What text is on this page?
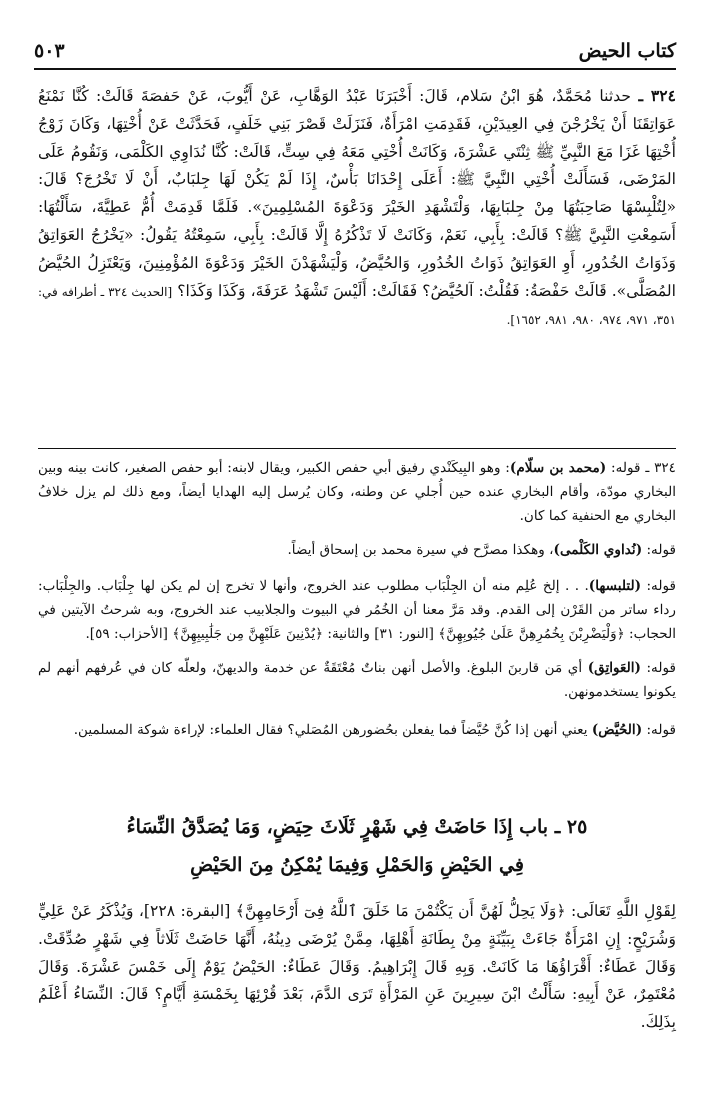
كتاب الحيض
٥٠٣
٣٢٤ ـ حدثنا مُحَمَّدٌ، هُوَ ابْنُ سَلام، قَالَ: أَخْبَرَنَا عَبْدُ الوَهَّابِ، عَنْ أَيُّوبَ، عَنْ حَفصَةَ قَالَتْ: كُنَّا نَمْنَعُ عَوَاتِقَنَا أَنْ يَخْرُجْنَ فِي العِيدَيْنِ، فَقَدِمَتِ امْرَأَةٌ، فَنَزَلَتْ قَصْرَ بَنِي خَلَفٍ، فَحَدَّثَتْ عَنْ أُخْتِهَا، وَكَانَ زَوْجُ أُخْتِهَا غَزَا مَعَ النَّبِيِّ ﷺ ثِنْتَي عَشْرَةَ، وَكَانَتْ أُخْتِي مَعَهُ فِي سِتٍّ، قَالَتْ: كُنَّا نُدَاوِي الكَلْمَى، وَنَقُومُ عَلَى المَرْضَى، فَسَأَلَتْ أُخْتِي النَّبِيَّ ﷺ: أَعَلَى إِحْدَانَا بَأْسٌ، إِذَا لَمْ يَكُنْ لَهَا جِلبَابٌ، أَنْ لَا تَخْرُجَ؟ قَالَ: «لِتُلْبِسْهَا صَاحِبَتُهَا مِنْ جِلبَابِهَا، وَلْتَشْهَدِ الخَيْرَ وَدَعْوَةَ المُسْلِمِينَ». فَلَمَّا قَدِمَتْ أُمُّ عَطِيَّةَ، سَأَلْتُهَا: أَسَمِعْتِ النَّبِيَّ ﷺ؟ قَالَتْ: بِأَبِي، نَعَمْ، وَكَانَتْ لَا تَذْكُرُهُ إِلَّا قَالَتْ: بِأَبِي، سَمِعْتُهُ يَقُولُ: «يَخْرُجُ العَوَاتِقُ وَذَوَاتُ الخُدُورِ، أَوِ العَوَاتِقُ ذَوَاتُ الخُدُورِ، وَالحُيَّضُ، وَلْيَشْهَدْنَ الخَيْرَ وَدَعْوَةَ المُؤْمِنِينَ، وَيَعْتَزِلُ الحُيَّضُ المُصَلَّى». قَالَتْ حَفْصَةُ: فَقُلْتُ: آلحُيَّضُ؟ فَقَالَتْ: أَلَيْسَ تَشْهَدُ عَرَفَةَ، وَكَذَا وَكَذَا؟ [الحديث ٣٢٤ ـ أطرافه في: ٣٥١، ٩٧١، ٩٧٤، ٩٨٠، ٩٨١، ١٦٥٢].
٣٢٤ ـ قوله: (محمد بن سلّام): وهو البِيكَنْدي رفيق أبي حفص الكبير، ويقال لابنه: أبو حفص الصغير، كانت بينه وبين البخاري مودّة، وأقام البخاري عنده حين أُجلي عن وطنه، وكان يُرسل إليه الهدايا أيضاً، ومع ذلك لم يزل خلافُ البخاري مع الحنفية كما كان.
قوله: (نُداوي الكَلْمى)، وهكذا مصرَّح في سيرة محمد بن إسحاق أيضاً.
قوله: (لتلبسها). . . إلخ عُلِم منه أن الجِلْبَاب مطلوب عند الخروج، وأنها لا تخرج إن لم يكن لها جِلْبَاب. والجِلْبَاب: رداء ساتر من القَرْن إلى القدم. وقد مَرَّ معنا أن الخُمُر في البيوت والجلابيب عند الخروج، وبه شرحتُ الآيتين في الحجاب: ﴿وَلْيَضْرِبْنَ بِخُمُرِهِنَّ عَلَىٰ جُيُوبِهِنَّ﴾ [النور: ٣١] والثانية: ﴿يُدْنِينَ عَلَيْهِنَّ مِن جَلَٰبِيبِهِنَّ﴾ [الأحزاب: ٥٩].
قوله: (العَواتِق) أي مَن قاربنَ البلوغ. والأصل أنهن بناتٌ مُعْتَقَةٌ عن خدمة والديهنّ، ولعلّه كان في عُرفهم أنهم لم يكونوا يستخدمونهن.
قوله: (الحُيَّض) يعني أنهن إذا كُنَّ حُيَّضاً فما يفعلن بحُضورهن المُصَلي؟ فقال العلماء: لإراءة شوكة المسلمين.
٢٥ ـ باب إِذَا حَاضَتْ فِي شَهْرٍ ثَلَاثَ حِيَضٍ، وَمَا يُصَدَّقُ النِّسَاءُ
فِي الحَيْضِ وَالحَمْلِ وَفِيمَا يُمْكِنُ مِنَ الحَيْضِ
لِقَوْلِ اللَّهِ تَعَالَى: ﴿وَلَا يَحِلُّ لَهُنَّ أَن يَكْتُمْنَ مَا خَلَقَ ٱللَّهُ فِىٓ أَرْحَامِهِنَّ﴾ [البقرة: ٢٢٨]، وَيُذْكَرُ عَنْ عَلِيٍّ وَشُرَيْحٍ: إِنِ امْرَأَةٌ جَاءَتْ بِبَيِّنَةٍ مِنْ بِطَانَةِ أَهْلِهَا، مِمَّنْ يُرْضَى دِينُهُ، أَنَّهَا حَاضَتْ ثَلَاثاً فِي شَهْرٍ صُدِّقَتْ. وَقَالَ عَطَاءٌ: أَقْرَاؤُهَا مَا كَانَتْ. وَبِهِ قَالَ إِبْرَاهِيمُ. وَقَالَ عَطَاءٌ: الحَيْضُ يَوْمٌ إِلَى خَمْسَ عَشْرَةَ. وَقَالَ مُعْتَمِرٌ، عَنْ أَبِيهِ: سَأَلْتُ ابْنَ سِيرِينَ عَنِ المَرْأَةِ تَرَى الدَّمَ، بَعْدَ قُرْئِهَا بِخَمْسَةِ أَيَّامٍ؟ قَالَ: النِّسَاءُ أَعْلَمُ بِذَلِكَ.
